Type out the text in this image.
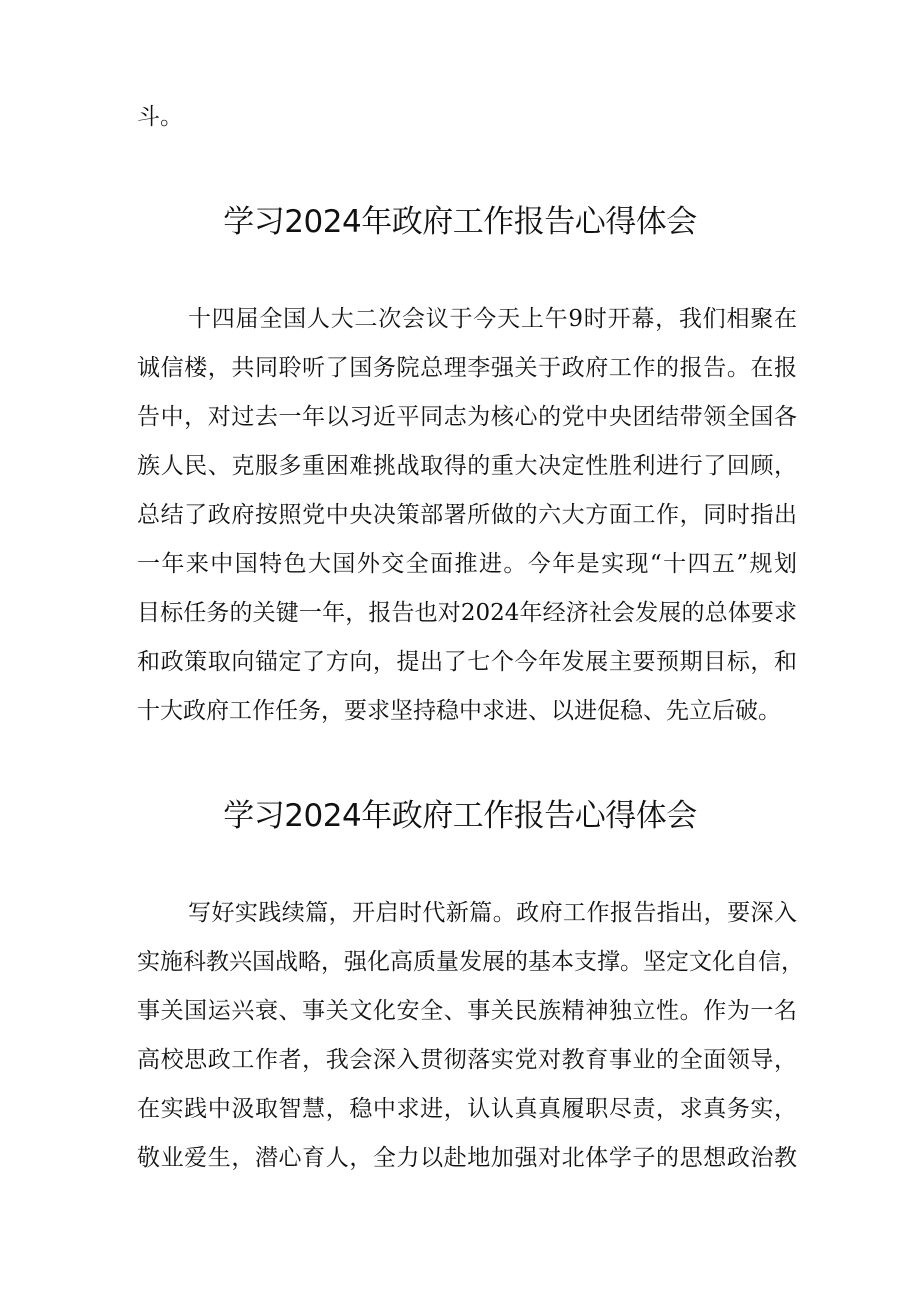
斗。
学习2024年政府工作报告心得体会
十四届全国人大二次会议于今天上午9时开幕，我们相聚在
诚信楼，共同聆听了国务院总理李强关于政府工作的报告。在报
告中，对过去一年以习近平同志为核心的党中央团结带领全国各
族人民、克服多重困难挑战取得的重大决定性胜利进行了回顾，
总结了政府按照党中央决策部署所做的六大方面工作，同时指出
一年来中国特色大国外交全面推进。今年是实现“十四五”规划
目标任务的关键一年，报告也对2024年经济社会发展的总体要求
和政策取向锚定了方向，提出了七个今年发展主要预期目标，和
十大政府工作任务，要求坚持稳中求进、以进促稳、先立后破。
学习2024年政府工作报告心得体会
写好实践续篇，开启时代新篇。政府工作报告指出，要深入
实施科教兴国战略，强化高质量发展的基本支撑。坚定文化自信，
事关国运兴衰、事关文化安全、事关民族精神独立性。作为一名
高校思政工作者，我会深入贯彻落实党对教育事业的全面领导，
在实践中汲取智慧，稳中求进，认认真真履职尽责，求真务实，
敬业爱生，潜心育人，全力以赴地加强对北体学子的思想政治教
